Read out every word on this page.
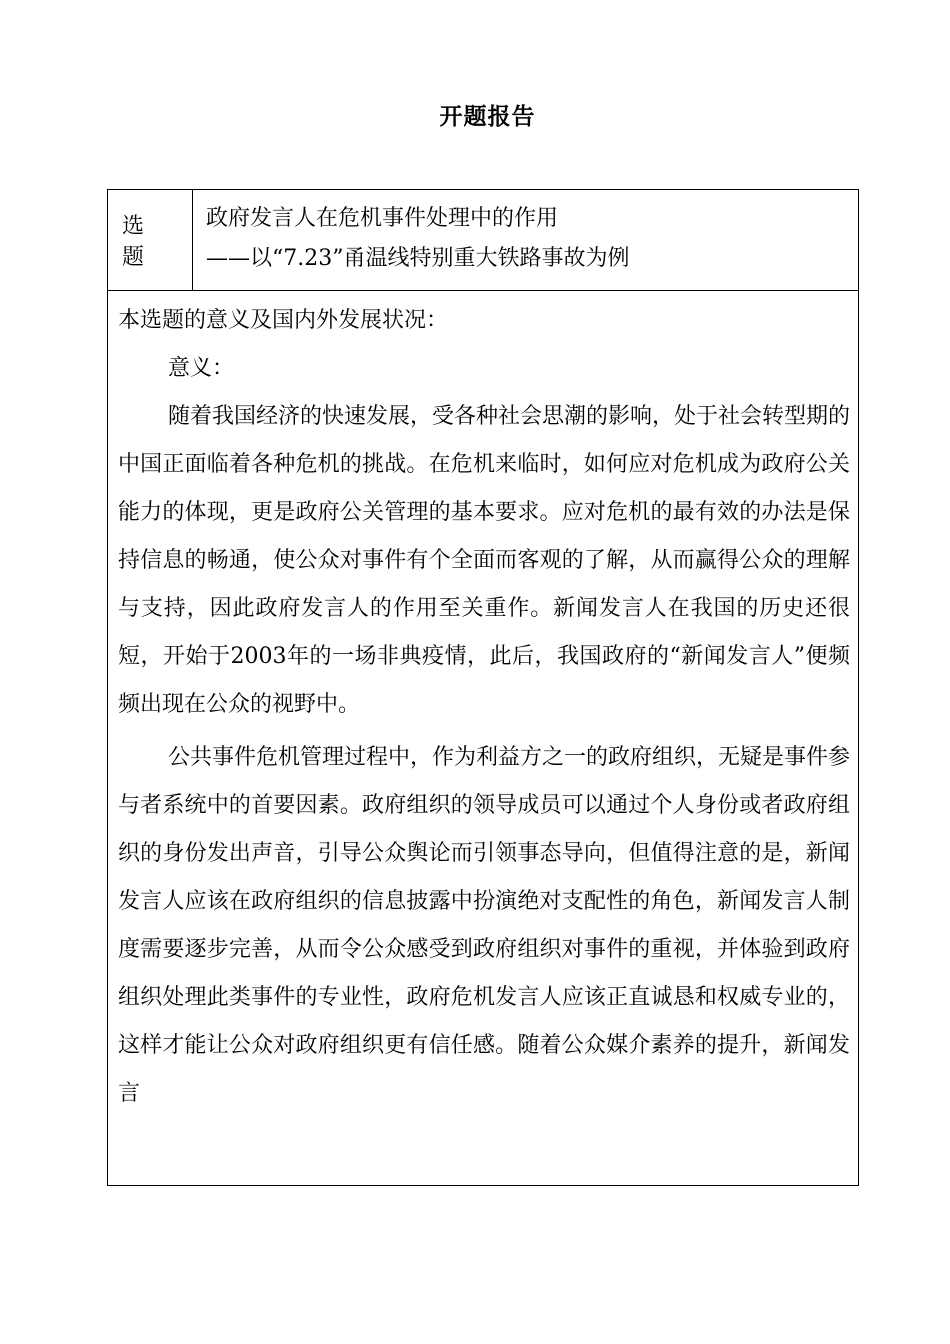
开题报告
选 题
政府发言人在危机事件处理中的作用
——以“7.23”甬温线特别重大铁路事故为例

本选题的意义及国内外发展状况：

意义：

随着我国经济的快速发展，受各种社会思潮的影响，处于社会转型期的中国正面临着各种危机的挑战。在危机来临时，如何应对危机成为政府公关能力的体现，更是政府公关管理的基本要求。应对危机的最有效的办法是保持信息的畅通，使公众对事件有个全面而客观的了解，从而赢得公众的理解与支持，因此政府发言人的作用至关重作。新闻发言人在我国的历史还很短，开始于2003年的一场非典疫情，此后，我国政府的“新闻发言人”便频频出现在公众的视野中。

公共事件危机管理过程中，作为利益方之一的政府组织，无疑是事件参与者系统中的首要因素。政府组织的领导成员可以通过个人身份或者政府组织的身份发出声音，引导公众舆论而引领事态导向，但值得注意的是，新闻发言人应该在政府组织的信息披露中扮演绝对支配性的角色，新闻发言人制度需要逐步完善，从而令公众感受到政府组织对事件的重视，并体验到政府组织处理此类事件的专业性，政府危机发言人应该正直诚恳和权威专业的，这样才能让公众对政府组织更有信任感。随着公众媒介素养的提升，新闻发言
